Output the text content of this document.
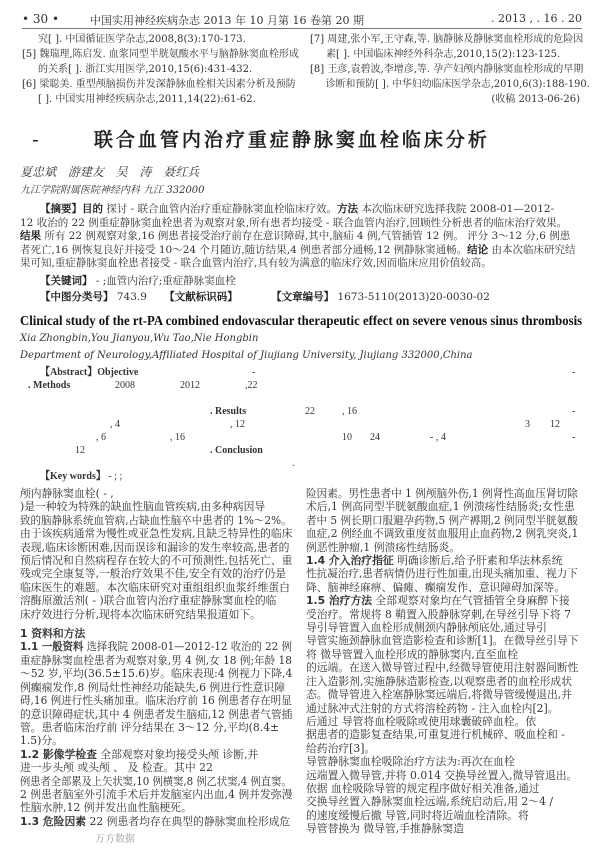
• 30 •	中国实用神经疾病杂志 2013 年 10 月第 16 卷第 20 期	. 2013 , . 16 . 20
究[ ]. 中国循证医学杂志,2008,8(3):170-173.
[5] 魏瑞理,陈启发. 血浆同型半胱氨酸水平与脑静脉窦血栓形成
的关系[ ]. 浙江实用医学,2010,15(6):431-432.
[6] 梁聪美. 重型颅脑损伤并发深静脉血栓相关因素分析及预防
[ ]. 中国实用神经疾病杂志,2011,14(22):61-62.
[7] 周建,张小军,王守森,等. 脑静脉及静脉窦血栓形成的危险因
素[ ]. 中国临床神经外科杂志,2010,15(2):123-125.
[8] 王彦,袁碧波,李增彦,等. 孕产妇颅内静脉窦血栓形成的早期
诊断和预防[ ]. 中华妇幼临床医学杂志,2010,6(3):188-190.
(收稿 2013-06-26)
-	联合血管内治疗重症静脉窦血栓临床分析
夏忠斌 游建友 吴 涛 聂红兵
九江学院附属医院神经内科 九江 332000
【摘要】目的 探讨 - 联合血管内治疗重症静脉窦血栓临床疗效。方法 本次临床研究选择我院 2008-01—2012-
12 收治的 22 例重症静脉窦血栓患者为观察对象,所有患者均接受 - 联合血管内治疗,回顾性分析患者的临床治疗效果。
结果 所有 22 例观察对象,16 例患者接受治疗前存在意识障碍,其中,脑疝 4 例,气管插管 12 例。 评分 3～12 分,6 例患
者死亡,16 例恢复良好并接受 10～24 个月随访,随访结果,4 例患者部分通畅,12 例静脉窦通畅。结论 由本次临床研究结
果可知,重症静脉窦血栓患者接受 - 联合血管内治疗,具有较为满意的临床疗效,因而临床应用价值较高。
【关键词】 - ;血管内治疗;重症静脉窦血栓
【中图分类号】 743.9 【文献标识码】	【文章编号】 1673-5110(2013)20-0030-02
Clinical study of the rt-PA combined endovascular therapeutic effect on severe venous sinus thrombosis
Xia Zhongbin,You Jianyou,Wu Tao,Nie Hongbin
Department of Neurology,Affiliated Hospital of Jiujiang University, Jiujiang 332000,China
【Abstract】Objective	-	-
. Methods	2008	2012	,22
. Results	22	, 16	-
, 4	, 12	3 12
, 6	, 16	10 24	- , 4	-
12	. Conclusion
.
【Key words】 - ; ;
颅内静脉窦血栓( - ,
)是一种较为特殊的缺血性脑血管疾病,由多种病因导
致的脑静脉系统血管病,占缺血性脑卒中患者的 1%～2%。
由于该疾病通常为慢性或亚急性发病,且缺乏特异性的临床
表现,临床诊断困难,因而误诊和漏诊的发生率较高,患者的
预后情况和自然病程存在较大的不可预测性,包括死亡、重
残或完全康复等,一般治疗效果不佳,安全有效的治疗仍是
临床医生的难题。本次临床研究对重组组织血浆纤维蛋白
溶酶原激活剂( - )联合血管内治疗重症静脉窦血栓的临
床疗效进行分析,现将本次临床研究结果报道如下。
1 资料和方法
1.1 一般资料 选择我院 2008-01—2012-12 收治的 22 例
重症静脉窦血栓患者为观察对象,男 4 例,女 18 例;年龄 18
～52 岁,平均(36.5±15.6)岁。临床表现:4 例视力下降,4
例癫痫发作,8 例局灶性神经功能缺失,6 例进行性意识障
碍,16 例进行性头痛加重。临床治疗前 16 例患者存在明显
的意识障碍症状,其中 4 例患者发生脑疝,12 例患者气管插
管。患者临床治疗前 评分结果在 3～12 分,平均(8.4±
1.5)分。
1.2 影像学检查 全部观察对象均接受头颅 诊断,并
进一步头颅 或头颅 、 及 检查。其中 22
例患者全部累及上矢状窦,10 例横窦,8 例乙状窦,4 例直窦。
2 例患者脑室外引流手术后并发脑室内出血,4 例并发弥漫
性脑水肿,12 例并发出血性脑梗死。
1.3 危险因素 22 例患者均存在典型的静脉窦血栓形成危
险因素。男性患者中 1 例颅脑外伤,1 例肾性高血压肾切除
术后,1 例高同型半胱氨酸血症,1 例溃疡性结肠炎;女性患
者中 5 例长期口服避孕药物,5 例产褥期,2 例同型半胱氨酸
血症,2 例经血不调致重度贫血服用止血药物,2 例乳突炎,1
例恶性肿瘤,1 例溃疡性结肠炎。
1.4 介入治疗指征 明确诊断后,给予肝素和华法林系统
性抗凝治疗,患者病情仍进行性加重,出现头痛加重、视力下
降、脑神经麻痹、偏瘫、癫痫发作、意识障碍加深等。
1.5 治疗方法 全部观察对象均在气管插管全身麻醉下接
受治疗。常规将 8 鞘置入股静脉穿刺,在导丝引导下将 7
导引导管置入血栓形成侧颈内静脉颅底处,通过导引
导管实施颈静脉血管造影检查和诊断[1]。在微导丝引导下
将 微导管置入血栓形成的静脉窦内,直至血栓
的远端。在送入微导管过程中,经微导管使用注射器间断性
注入造影剂,实施静脉造影检查,以观察患者的血栓形成状
态。微导管进入栓塞静脉窦远端后,将微导管缓慢退出,并
通过脉冲式注射的方式将溶栓药物 - 注入血栓内[2]。
后通过 导管将血栓吸除或使用球囊破碎血栓。依
据患者的造影复查结果,可重复进行机械碎、吸血栓和 -
给药治疗[3]。
导管静脉窦血栓吸除治疗方法为:再次在血栓
远端置入微导管,并将 0.014 交换导丝置入,微导管退出。
依据 血栓吸除导管的规定程序做好相关准备,通过
交换导丝置入静脉窦血栓远端,系统启动后,用 2～4 /
的速度缓慢后撤 导管,同时将近端血栓清除。将
导管替换为 微导管,手推静脉窦造
万方数据
